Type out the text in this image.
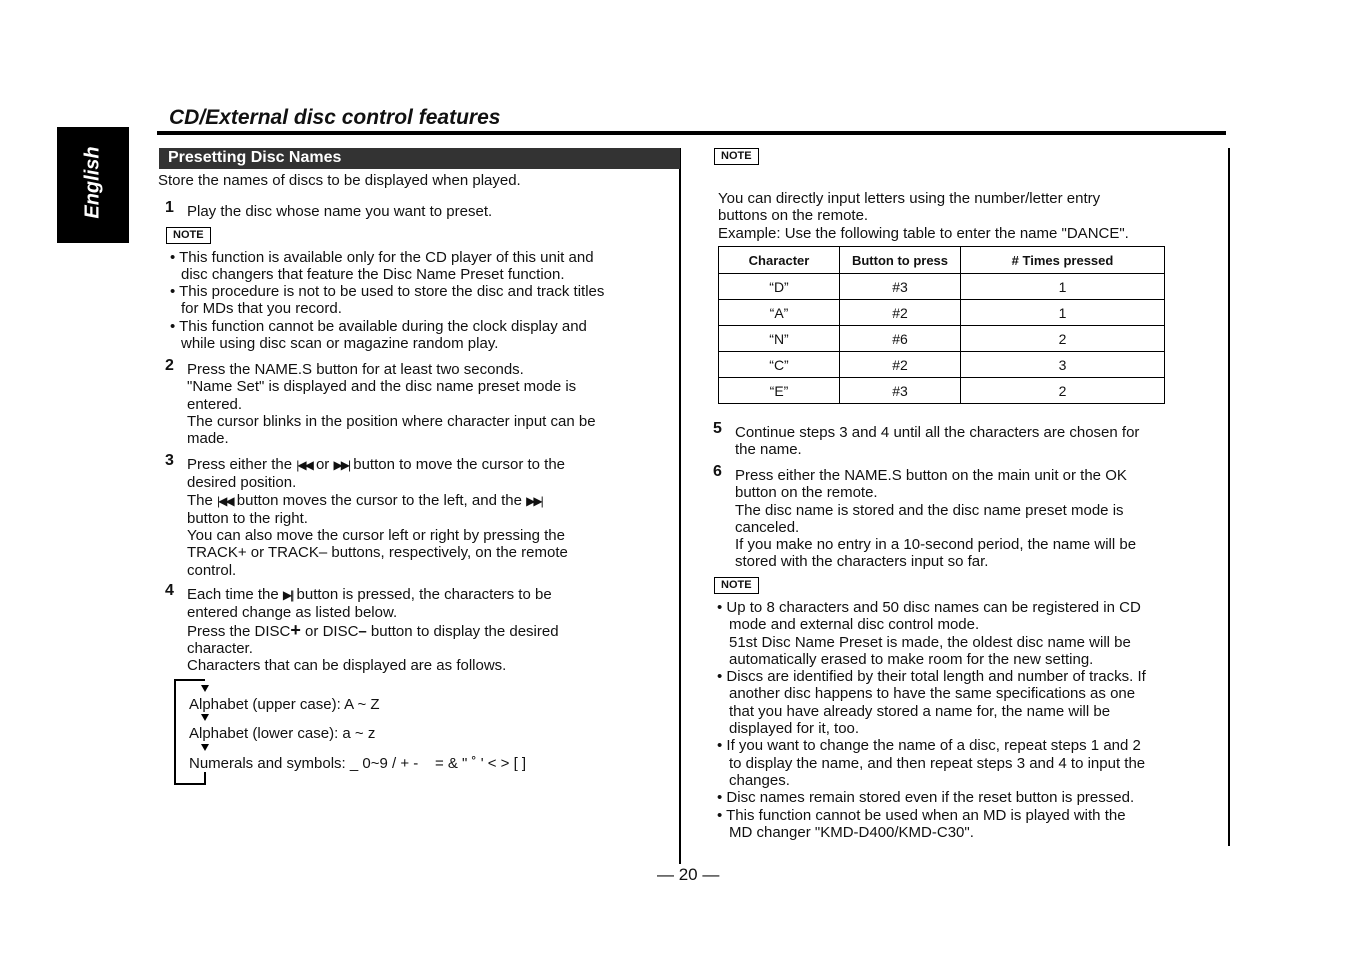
English
CD/External disc control features
Presetting Disc Names
Store the names of discs to be displayed when played.
1 Play the disc whose name you want to preset.
NOTE
• This function is available only for the CD player of this unit and
disc changers that feature the Disc Name Preset function.
• This procedure is not to be used to store the disc and track titles
for MDs that you record.
• This function cannot be available during the clock display and
while using disc scan or magazine random play.
2 Press the NAME.S button for at least two seconds.
"Name Set" is displayed and the disc name preset mode is
entered.
The cursor blinks in the position where character input can be
made.
3 Press either the |◀◀ or ▶▶| button to move the cursor to the
desired position.
The |◀◀ button moves the cursor to the left, and the ▶▶|
button to the right.
You can also move the cursor left or right by pressing the
TRACK+ or TRACK– buttons, respectively, on the remote
control.
4 Each time the ▶|| button is pressed, the characters to be
entered change as listed below.
Press the DISC+ or DISC– button to display the desired
character.
Characters that can be displayed are as follows.
Alphabet (upper case): A ~ Z
Alphabet (lower case): a ~ z
Numerals and symbols: _ 0~9 / + -    = & " ˚ ' < > [ ]
NOTE
You can directly input letters using the number/letter entry
buttons on the remote.
Example: Use the following table to enter the name "DANCE".
Character	Button to press	# Times pressed
“D”	#3	1
“A”	#2	1
“N”	#6	2
“C”	#2	3
“E”	#3	2
5 Continue steps 3 and 4 until all the characters are chosen for
the name.
6 Press either the NAME.S button on the main unit or the OK
button on the remote.
The disc name is stored and the disc name preset mode is
canceled.
If you make no entry in a 10-second period, the name will be
stored with the characters input so far.
NOTE
• Up to 8 characters and 50 disc names can be registered in CD
mode and external disc control mode.
51st Disc Name Preset is made, the oldest disc name will be
automatically erased to make room for the new setting.
• Discs are identified by their total length and number of tracks. If
another disc happens to have the same specifications as one
that you have already stored a name for, the name will be
displayed for it, too.
• If you want to change the name of a disc, repeat steps 1 and 2
to display the name, and then repeat steps 3 and 4 to input the
changes.
• Disc names remain stored even if the reset button is pressed.
• This function cannot be used when an MD is played with the
MD changer "KMD-D400/KMD-C30".
— 20 —
